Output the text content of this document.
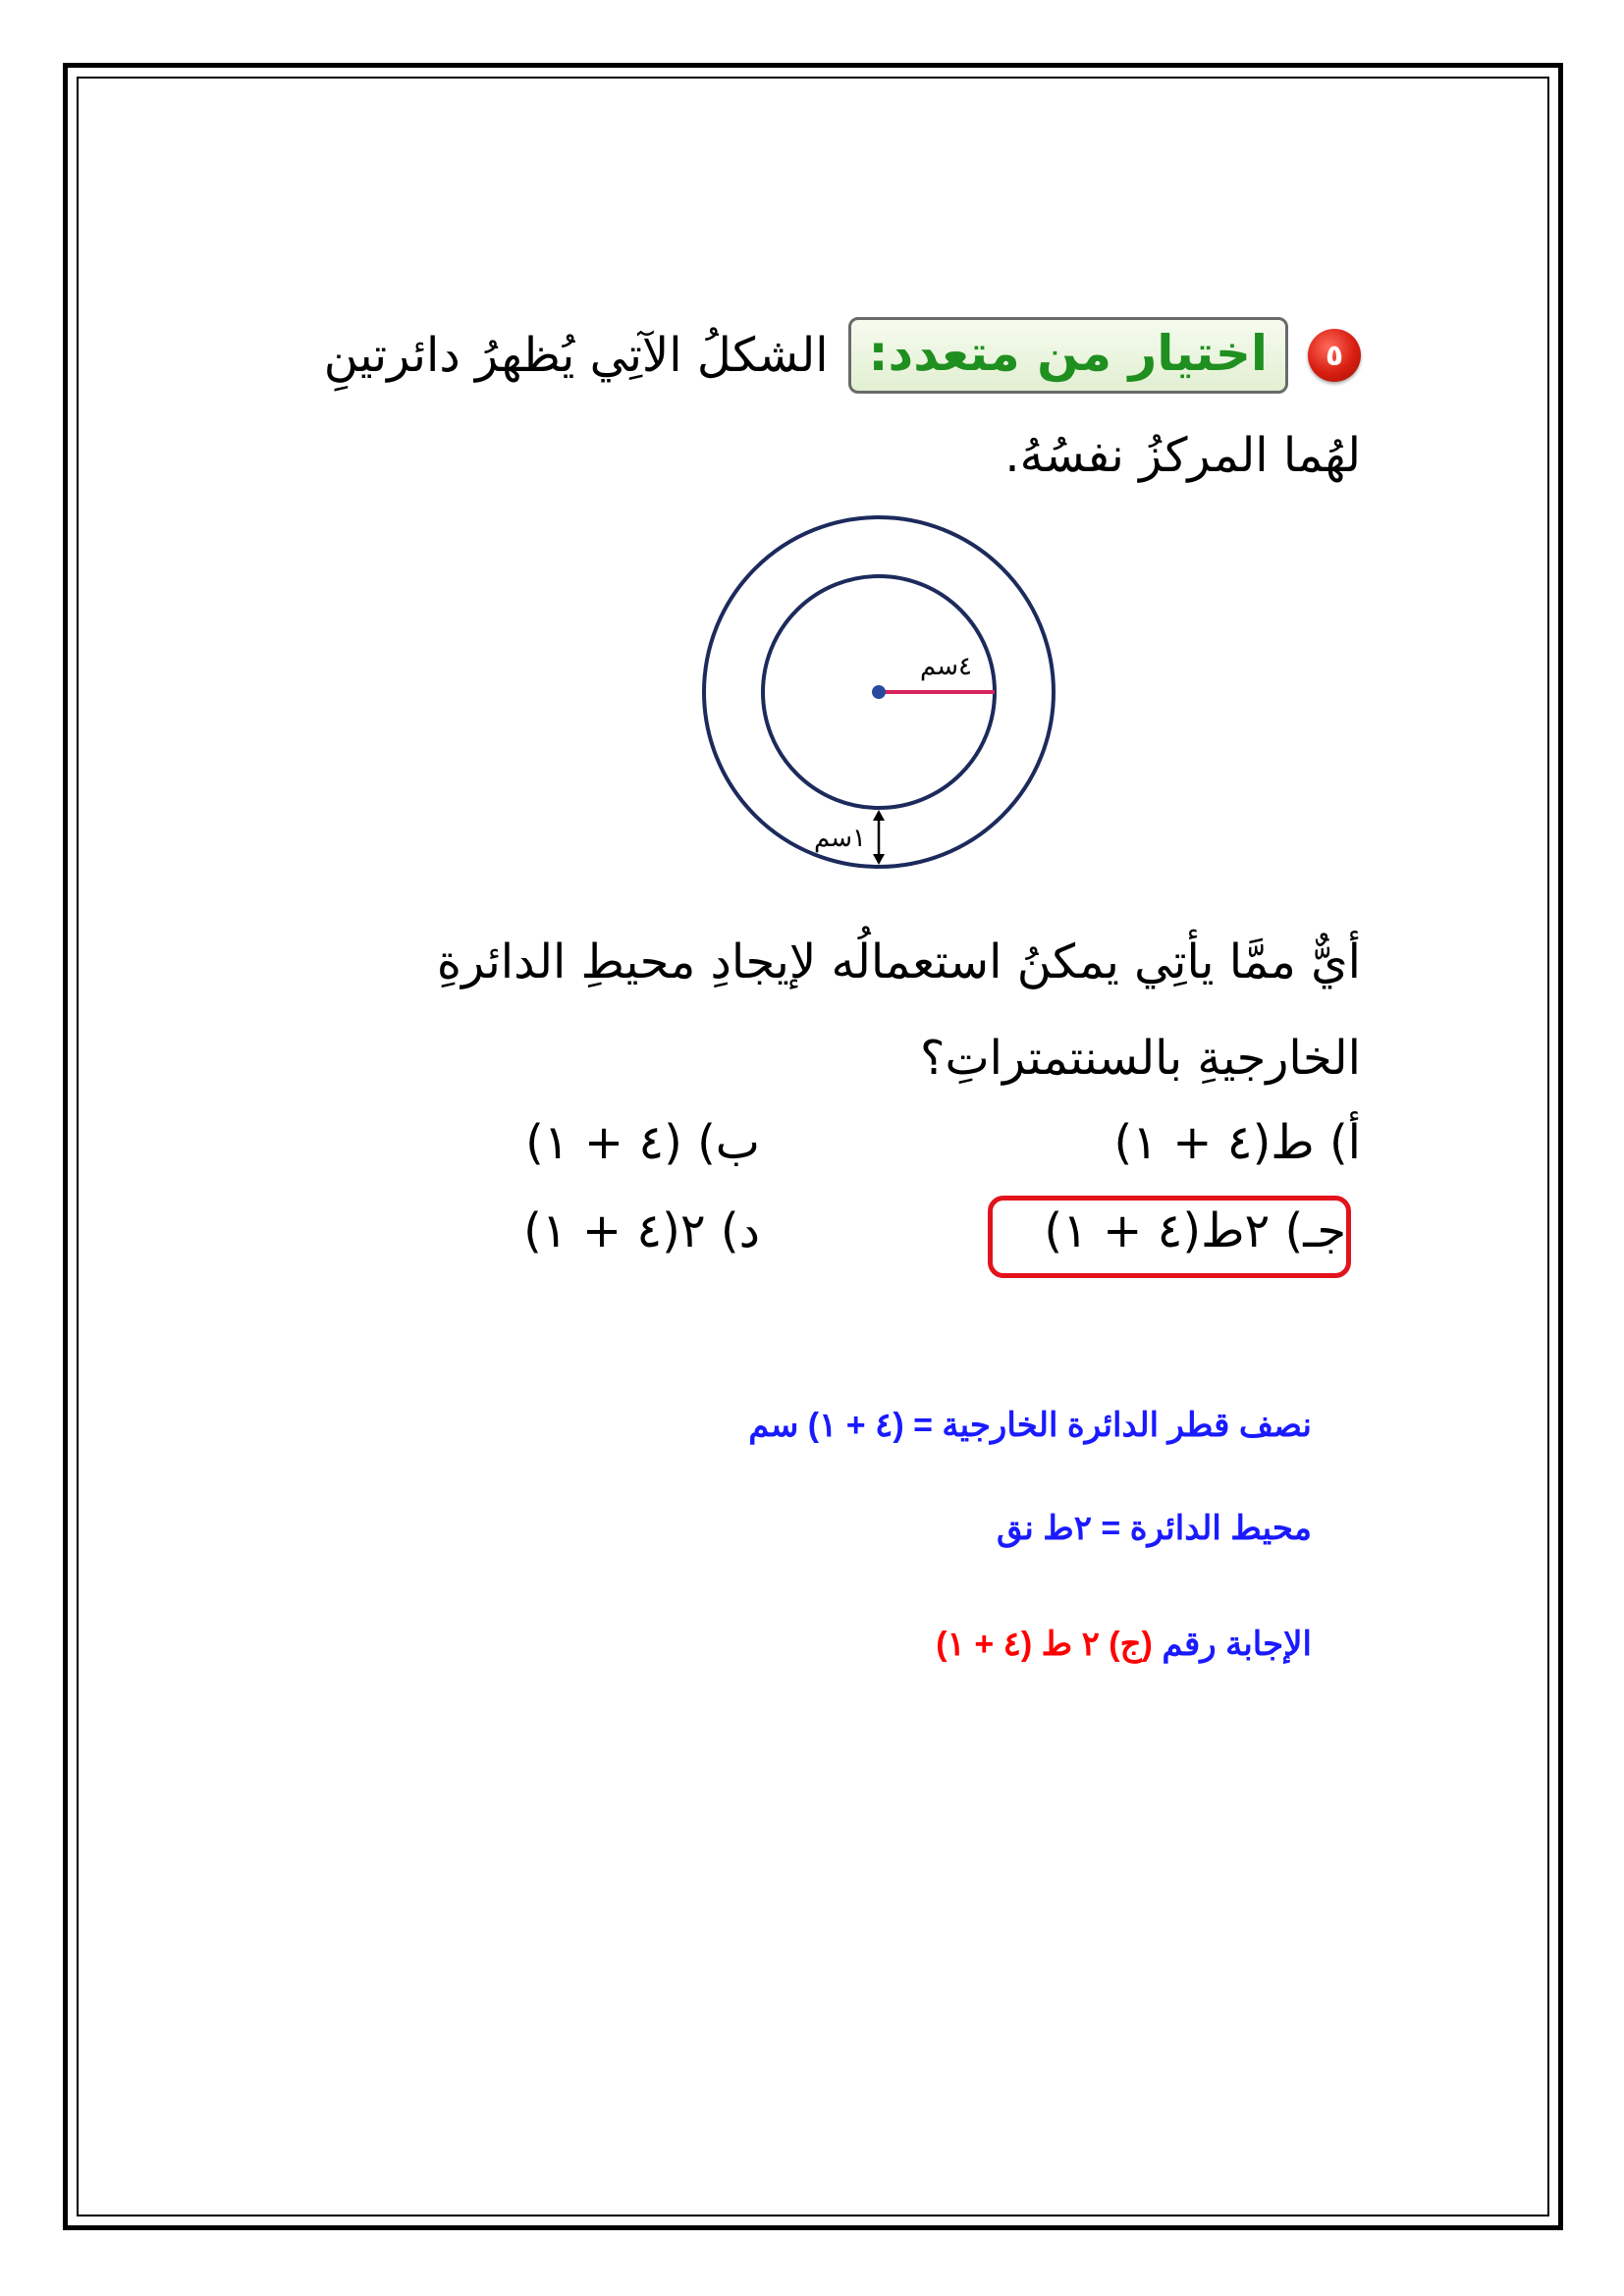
٥
اختيار من متعدد:
الشكلُ الآتِي يُظهرُ دائرتينِ
لهُما المركزُ نفسُهُ.
٤سم
١سم
أيٌّ ممَّا يأتِي يمكنُ استعمالُه لإيجادِ محيطِ الدائرةِ
الخارجيةِ بالسنتمتراتِ؟
أ) ط(٤ + ١)
ب) (٤ + ١)
جـ) ٢ط(٤ + ١)
د) ٢(٤ + ١)
نصف قطر الدائرة الخارجية = (٤ + ١) سم
محيط الدائرة = ٢ط نق
الإجابة رقم (ج) ٢ ط (٤ + ١)
